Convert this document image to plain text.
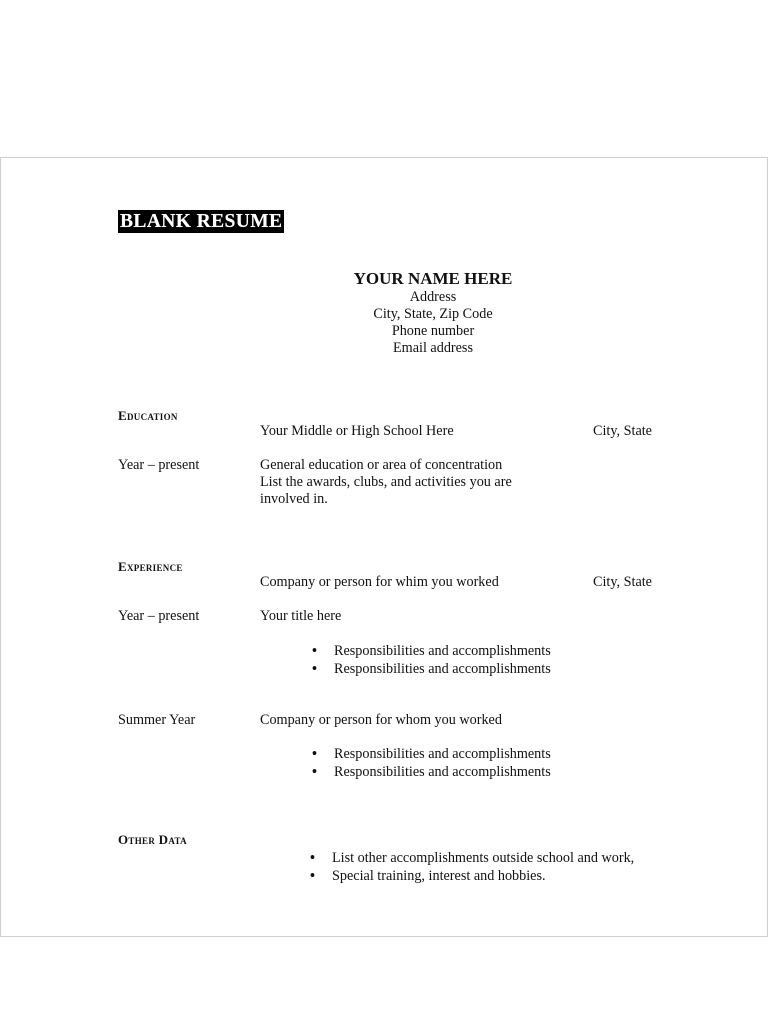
BLANK RESUME
YOUR NAME HERE
Address
City, State, Zip Code
Phone number
Email address
Education
Your Middle or High School Here	City, State
Year – present	General education or area of concentration
List the awards, clubs, and activities you are
involved in.
Experience
Company or person for whim you worked	City, State
Year – present	Your title here
• Responsibilities and accomplishments
• Responsibilities and accomplishments
Summer Year	Company or person for whom you worked
• Responsibilities and accomplishments
• Responsibilities and accomplishments
Other Data
• List other accomplishments outside school and work,
• Special training, interest and hobbies.
